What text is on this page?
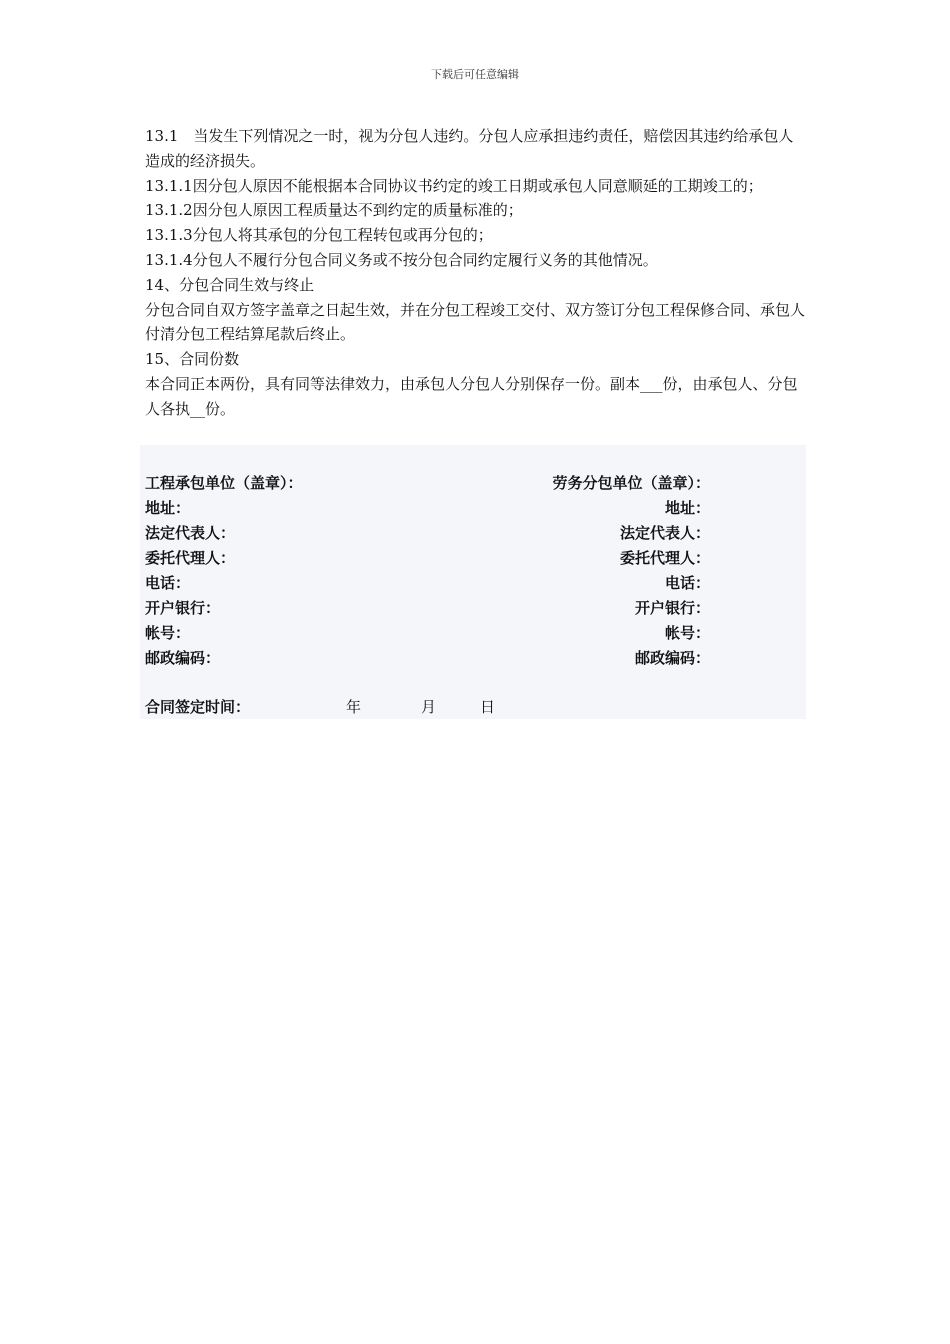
下载后可任意编辑

13.1　当发生下列情况之一时，视为分包人违约。分包人应承担违约责任，赔偿因其违约给承包人造成的经济损失。

13.1.1因分包人原因不能根据本合同协议书约定的竣工日期或承包人同意顺延的工期竣工的；

13.1.2因分包人原因工程质量达不到约定的质量标准的；

13.1.3分包人将其承包的分包工程转包或再分包的；

13.1.4分包人不履行分包合同义务或不按分包合同约定履行义务的其他情况。

14、分包合同生效与终止

分包合同自双方签字盖章之日起生效，并在分包工程竣工交付、双方签订分包工程保修合同、承包人付清分包工程结算尾款后终止。

15、合同份数

本合同正本两份，具有同等法律效力，由承包人分包人分别保存一份。副本___份，由承包人、分包人各执__份。

工程承包单位（盖章）：	劳务分包单位（盖章）：
地址：	地址：
法定代表人：	法定代表人：
委托代理人：	委托代理人：
电话：	电话：
开户银行：	开户银行：
帐号：	帐号：
邮政编码：	邮政编码：
合同签定时间：	年	月	日
